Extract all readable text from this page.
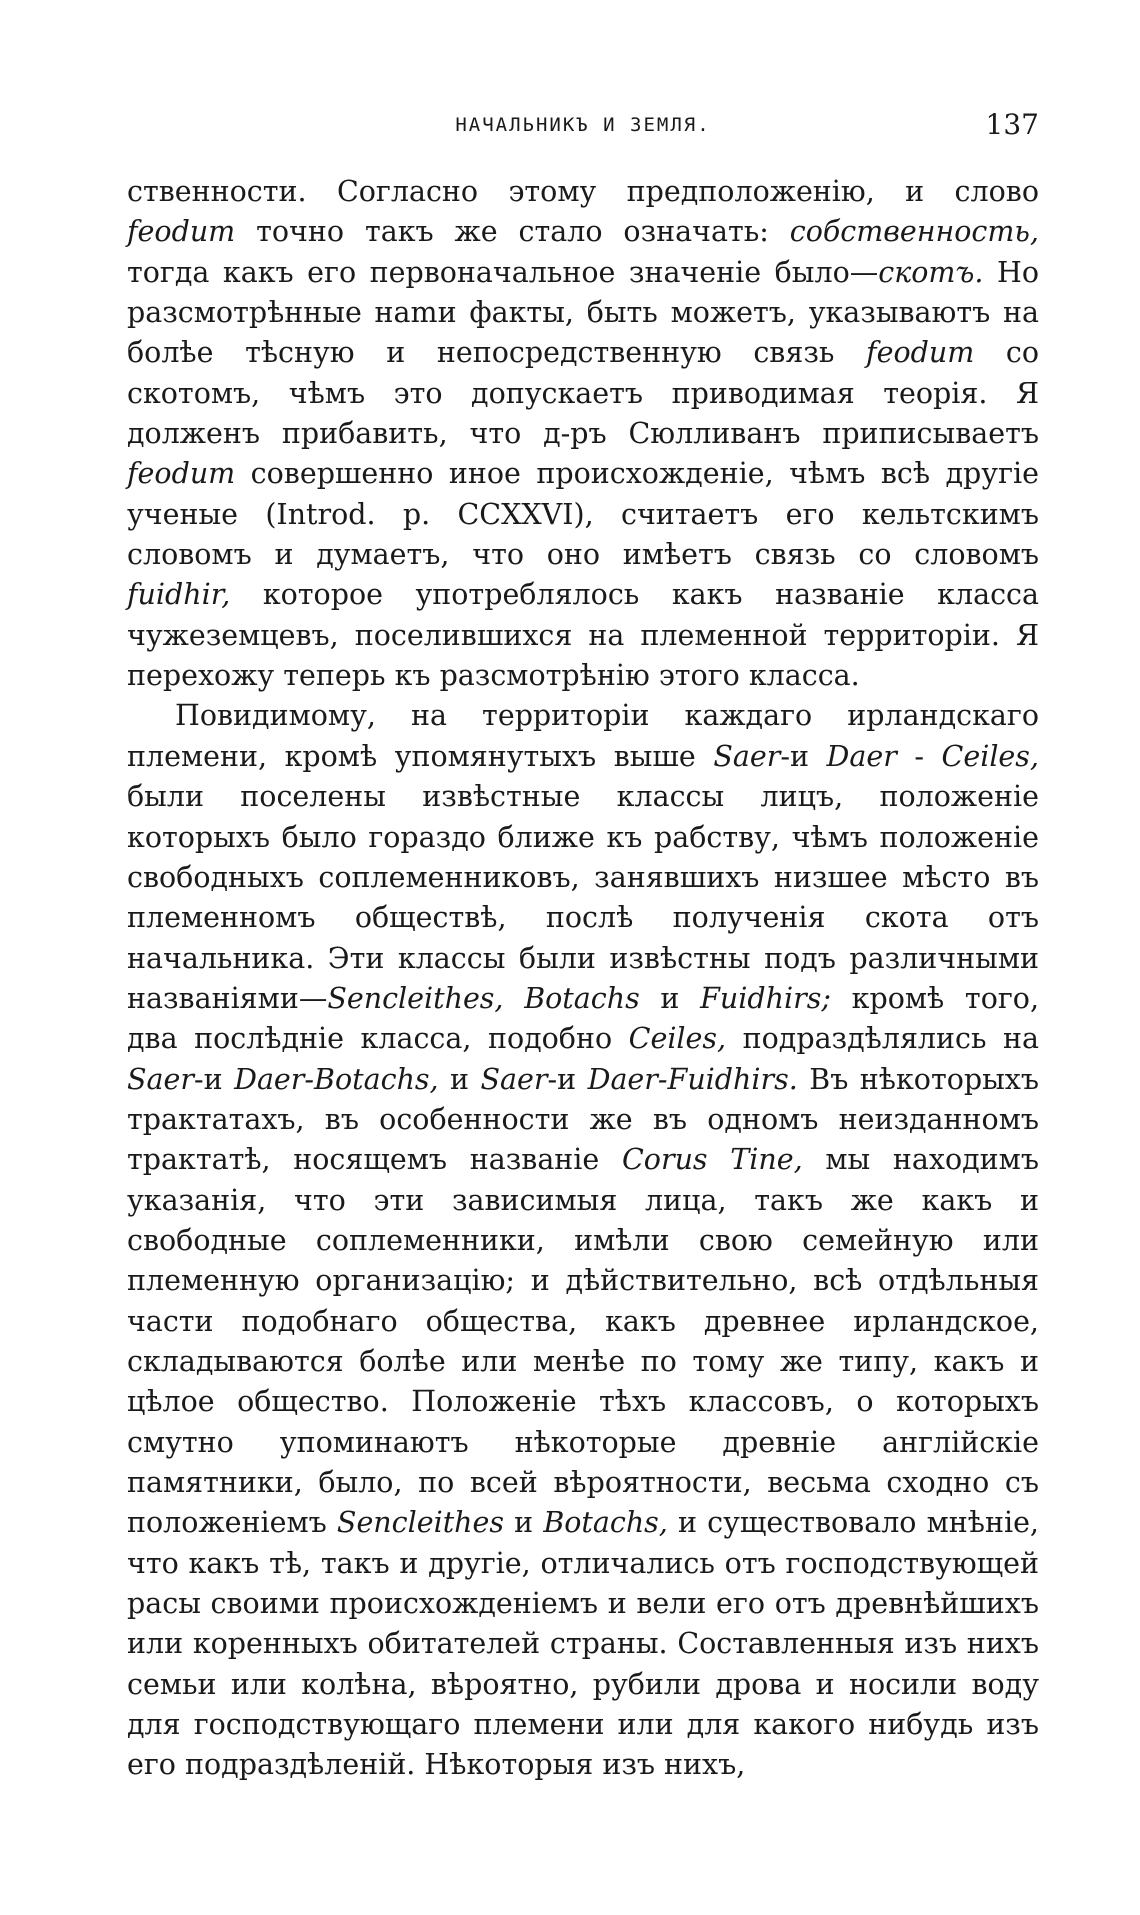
НАЧАЛЬНИКЪ И ЗЕМЛЯ.	137

ственности. Согласно этому предположенію, и слово feodum точно такъ же стало означать: собственность, тогда какъ его первоначальное значеніе было—скотъ. Но разсмотрѣнные наmи факты, быть можетъ, указываютъ на болѣе тѣсную и непосредственную связь feodum со скотомъ, чѣмъ это допускаетъ приводимая теорія. Я долженъ прибавить, что д-ръ Сюлливанъ приписываетъ feodum совершенно иное происхожденіе, чѣмъ всѣ другіе ученые (Introd. p. CCXXVI), считаетъ его кельтскимъ словомъ и думаетъ, что оно имѣетъ связь со словомъ fuidhir, которое употреблялось какъ названіе класса чужеземцевъ, поселившихся на племенной территоріи. Я перехожу теперь къ разсмотрѣнію этого класса.

Повидимому, на территоріи каждаго ирландскаго племени, кромѣ упомянутыхъ выше Saer-и Daer - Ceiles, были поселены извѣстные классы лицъ, положеніе которыхъ было гораздо ближе къ рабству, чѣмъ положеніе свободныхъ соплеменниковъ, занявшихъ низшее мѣсто въ племенномъ обществѣ, послѣ полученія скота отъ начальника. Эти классы были извѣстны подъ различными названіями—Sencleithes, Botachs и Fuidhirs; кромѣ того, два послѣдніе класса, подобно Ceiles, подраздѣлялись на Saer-и Daer-Botachs, и Saer-и Daer-Fuidhirs. Въ нѣкоторыхъ трактатахъ, въ особенности же въ одномъ неизданномъ трактатѣ, носящемъ названіе Corus Tine, мы находимъ указанія, что эти зависимыя лица, такъ же какъ и свободные соплеменники, имѣли свою семейную или племенную организацію; и дѣйствительно, всѣ отдѣльныя части подобнаго общества, какъ древнее ирландское, складываются болѣе или менѣе по тому же типу, какъ и цѣлое общество. Положеніе тѣхъ классовъ, о которыхъ смутно упоминаютъ нѣкоторые древніе англійскіе памятники, было, по всей вѣроятности, весьма сходно съ положеніемъ Sencleithes и Botachs, и существовало мнѣніе, что какъ тѣ, такъ и другіе, отличались отъ господствующей расы своими происхожденіемъ и вели его отъ древнѣйшихъ или коренныхъ обитателей страны. Составленныя изъ нихъ семьи или колѣна, вѣроятно, рубили дрова и носили воду для господствующаго племени или для какого нибудь изъ его подраздѣленій. Нѣкоторыя изъ нихъ,
